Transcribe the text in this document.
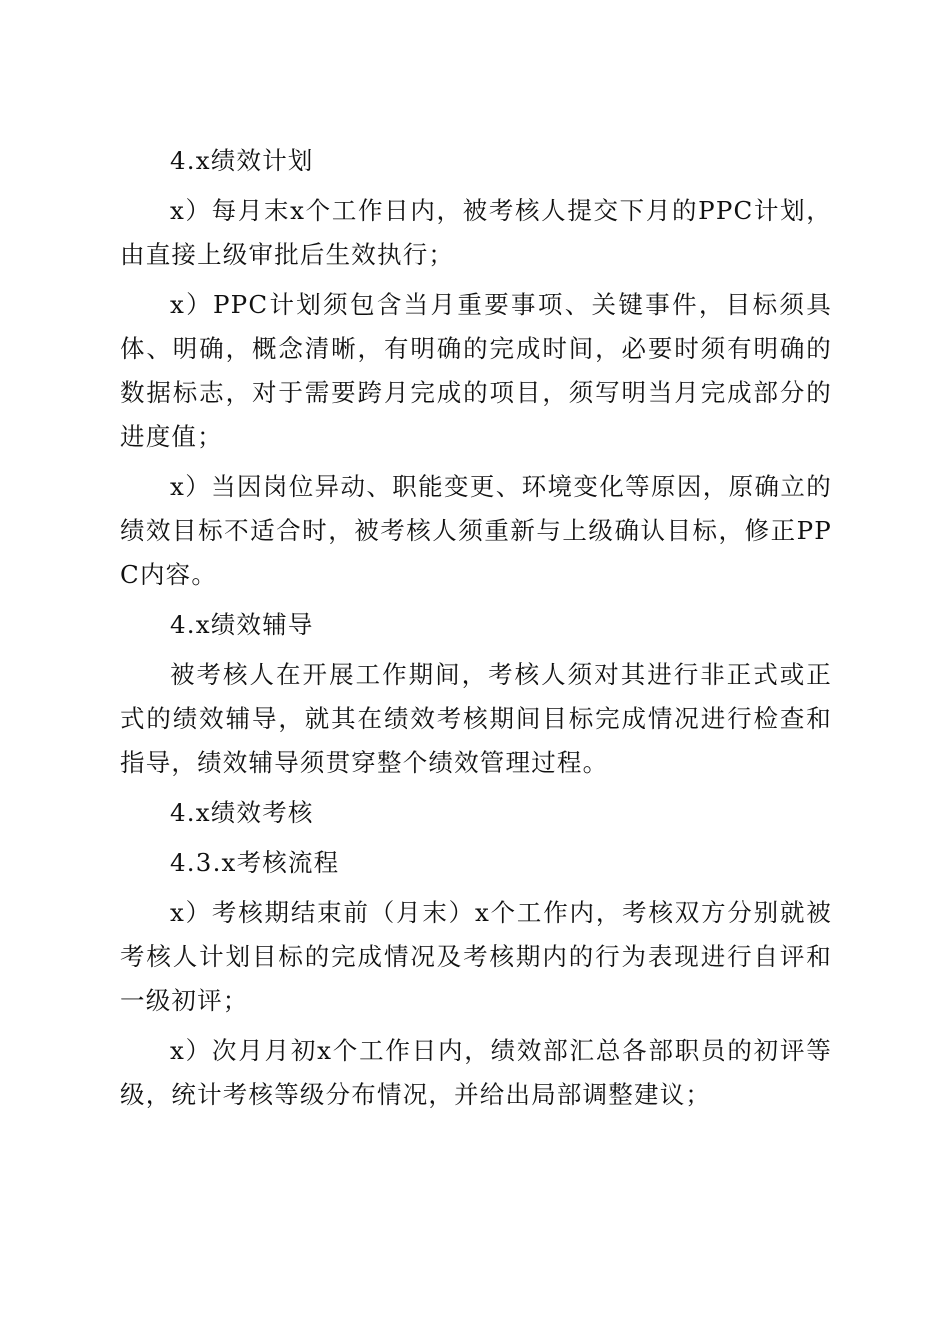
4.x绩效计划

x）每月末x个工作日内，被考核人提交下月的PPC计划，由直接上级审批后生效执行；

x）PPC计划须包含当月重要事项、关键事件，目标须具体、明确，概念清晰，有明确的完成时间，必要时须有明确的数据标志，对于需要跨月完成的项目，须写明当月完成部分的进度值；

x）当因岗位异动、职能变更、环境变化等原因，原确立的绩效目标不适合时，被考核人须重新与上级确认目标，修正PPC内容。

4.x绩效辅导

被考核人在开展工作期间，考核人须对其进行非正式或正式的绩效辅导，就其在绩效考核期间目标完成情况进行检查和指导，绩效辅导须贯穿整个绩效管理过程。

4.x绩效考核

4.3.x考核流程

x）考核期结束前（月末）x个工作内，考核双方分别就被考核人计划目标的完成情况及考核期内的行为表现进行自评和一级初评；

x）次月月初x个工作日内，绩效部汇总各部职员的初评等级，统计考核等级分布情况，并给出局部调整建议；
